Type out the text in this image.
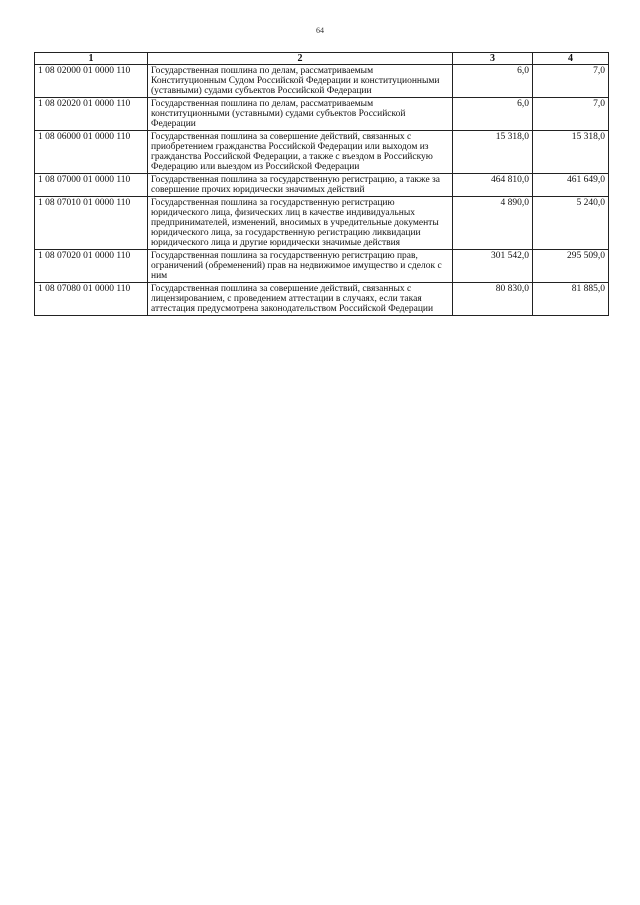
64
1	2	3	4
1 08 02000 01 0000 110	Государственная пошлина по делам, рассматриваемым Конституционным Судом Российской Федерации и конституционными (уставными) судами субъектов Российской Федерации	6,0	7,0
1 08 02020 01 0000 110	Государственная пошлина по делам, рассматриваемым конституционными (уставными) судами субъектов Российской Федерации	6,0	7,0
1 08 06000 01 0000 110	Государственная пошлина за совершение действий, связанных с приобретением гражданства Российской Федерации или выходом из гражданства Российской Федерации, а также с въездом в Российскую Федерацию или выездом из Российской Федерации	15 318,0	15 318,0
1 08 07000 01 0000 110	Государственная пошлина за государственную регистрацию, а также за совершение прочих юридически значимых действий	464 810,0	461 649,0
1 08 07010 01 0000 110	Государственная пошлина за государственную регистрацию юридического лица, физических лиц в качестве индивидуальных предпринимателей, изменений, вносимых в учредительные документы юридического лица, за государственную регистрацию ликвидации юридического лица и другие юридически значимые действия	4 890,0	5 240,0
1 08 07020 01 0000 110	Государственная пошлина за государственную регистрацию прав, ограничений (обременений) прав на недвижимое имущество и сделок с ним	301 542,0	295 509,0
1 08 07080 01 0000 110	Государственная пошлина за совершение действий, связанных с лицензированием, с проведением аттестации в случаях, если такая аттестация предусмотрена законодательством Российской Федерации	80 830,0	81 885,0
